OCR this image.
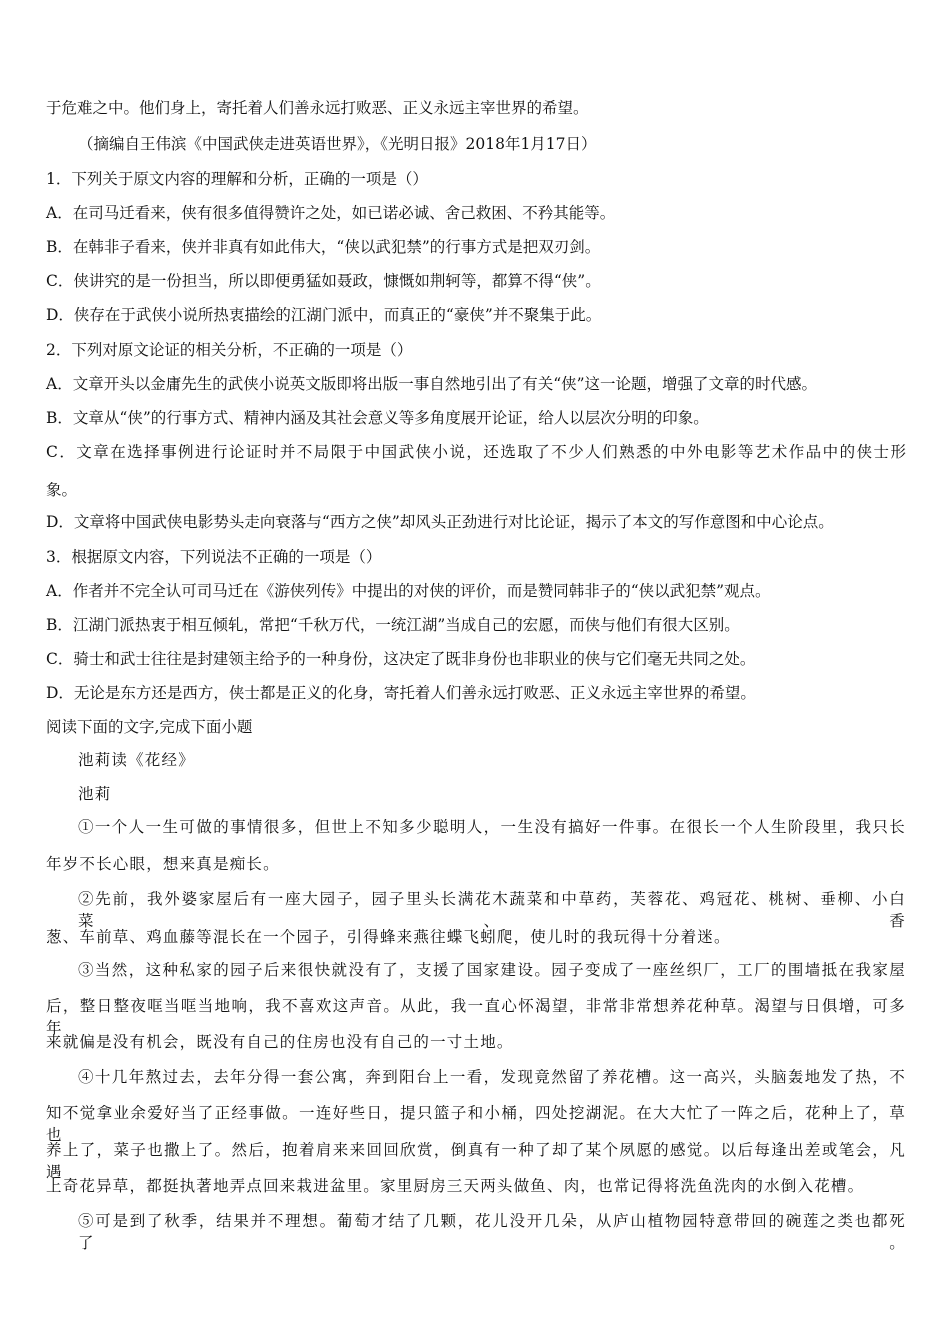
于危难之中。他们身上，寄托着人们善永远打败恶、正义永远主宰世界的希望。
（摘编自王伟滨《中国武侠走进英语世界》，《光明日报》2018年1月17日）
1．下列关于原文内容的理解和分析，正确的一项是（）
A．在司马迁看来，侠有很多值得赞许之处，如已诺必诚、舍己救困、不矜其能等。
B．在韩非子看来，侠并非真有如此伟大，“侠以武犯禁”的行事方式是把双刃剑。
C．侠讲究的是一份担当，所以即便勇猛如聂政，慷慨如荆轲等，都算不得“侠”。
D．侠存在于武侠小说所热衷描绘的江湖门派中，而真正的“豪侠”并不聚集于此。
2．下列对原文论证的相关分析，不正确的一项是（）
A．文章开头以金庸先生的武侠小说英文版即将出版一事自然地引出了有关“侠”这一论题，增强了文章的时代感。
B．文章从“侠”的行事方式、精神内涵及其社会意义等多角度展开论证，给人以层次分明的印象。
C．文章在选择事例进行论证时并不局限于中国武侠小说，还选取了不少人们熟悉的中外电影等艺术作品中的侠士形
象。
D．文章将中国武侠电影势头走向衰落与“西方之侠”却风头正劲进行对比论证，揭示了本文的写作意图和中心论点。
3．根据原文内容，下列说法不正确的一项是（）
A．作者并不完全认可司马迁在《游侠列传》中提出的对侠的评价，而是赞同韩非子的“侠以武犯禁”观点。
B．江湖门派热衷于相互倾轧，常把“千秋万代，一统江湖”当成自己的宏愿，而侠与他们有很大区别。
C．骑士和武士往往是封建领主给予的一种身份，这决定了既非身份也非职业的侠与它们毫无共同之处。
D．无论是东方还是西方，侠士都是正义的化身，寄托着人们善永远打败恶、正义永远主宰世界的希望。
阅读下面的文字,完成下面小题
池莉读《花经》
池莉
①一个人一生可做的事情很多，但世上不知多少聪明人，一生没有搞好一件事。在很长一个人生阶段里，我只长
年岁不长心眼，想来真是痴长。
②先前，我外婆家屋后有一座大园子，园子里头长满花木蔬菜和中草药，芙蓉花、鸡冠花、桃树、垂柳、小白菜、香
葱、车前草、鸡血藤等混长在一个园子，引得蜂来燕往蝶飞蚓爬，使儿时的我玩得十分着迷。
③当然，这种私家的园子后来很快就没有了，支援了国家建设。园子变成了一座丝织厂，工厂的围墙抵在我家屋
后，整日整夜哐当哐当地响，我不喜欢这声音。从此，我一直心怀渴望，非常非常想养花种草。渴望与日俱增，可多年
来就偏是没有机会，既没有自己的住房也没有自己的一寸土地。
④十几年熬过去，去年分得一套公寓，奔到阳台上一看，发现竟然留了养花槽。这一高兴，头脑轰地发了热，不
知不觉拿业余爱好当了正经事做。一连好些日，提只篮子和小桶，四处挖湖泥。在大大忙了一阵之后，花种上了，草也
养上了，菜子也撒上了。然后，抱着肩来来回回欣赏，倒真有一种了却了某个夙愿的感觉。以后每逢出差或笔会，凡遇
上奇花异草，都挺执著地弄点回来栽进盆里。家里厨房三天两头做鱼、肉，也常记得将洗鱼洗肉的水倒入花槽。
⑤可是到了秋季，结果并不理想。葡萄才结了几颗，花儿没开几朵，从庐山植物园特意带回的碗莲之类也都死了。
